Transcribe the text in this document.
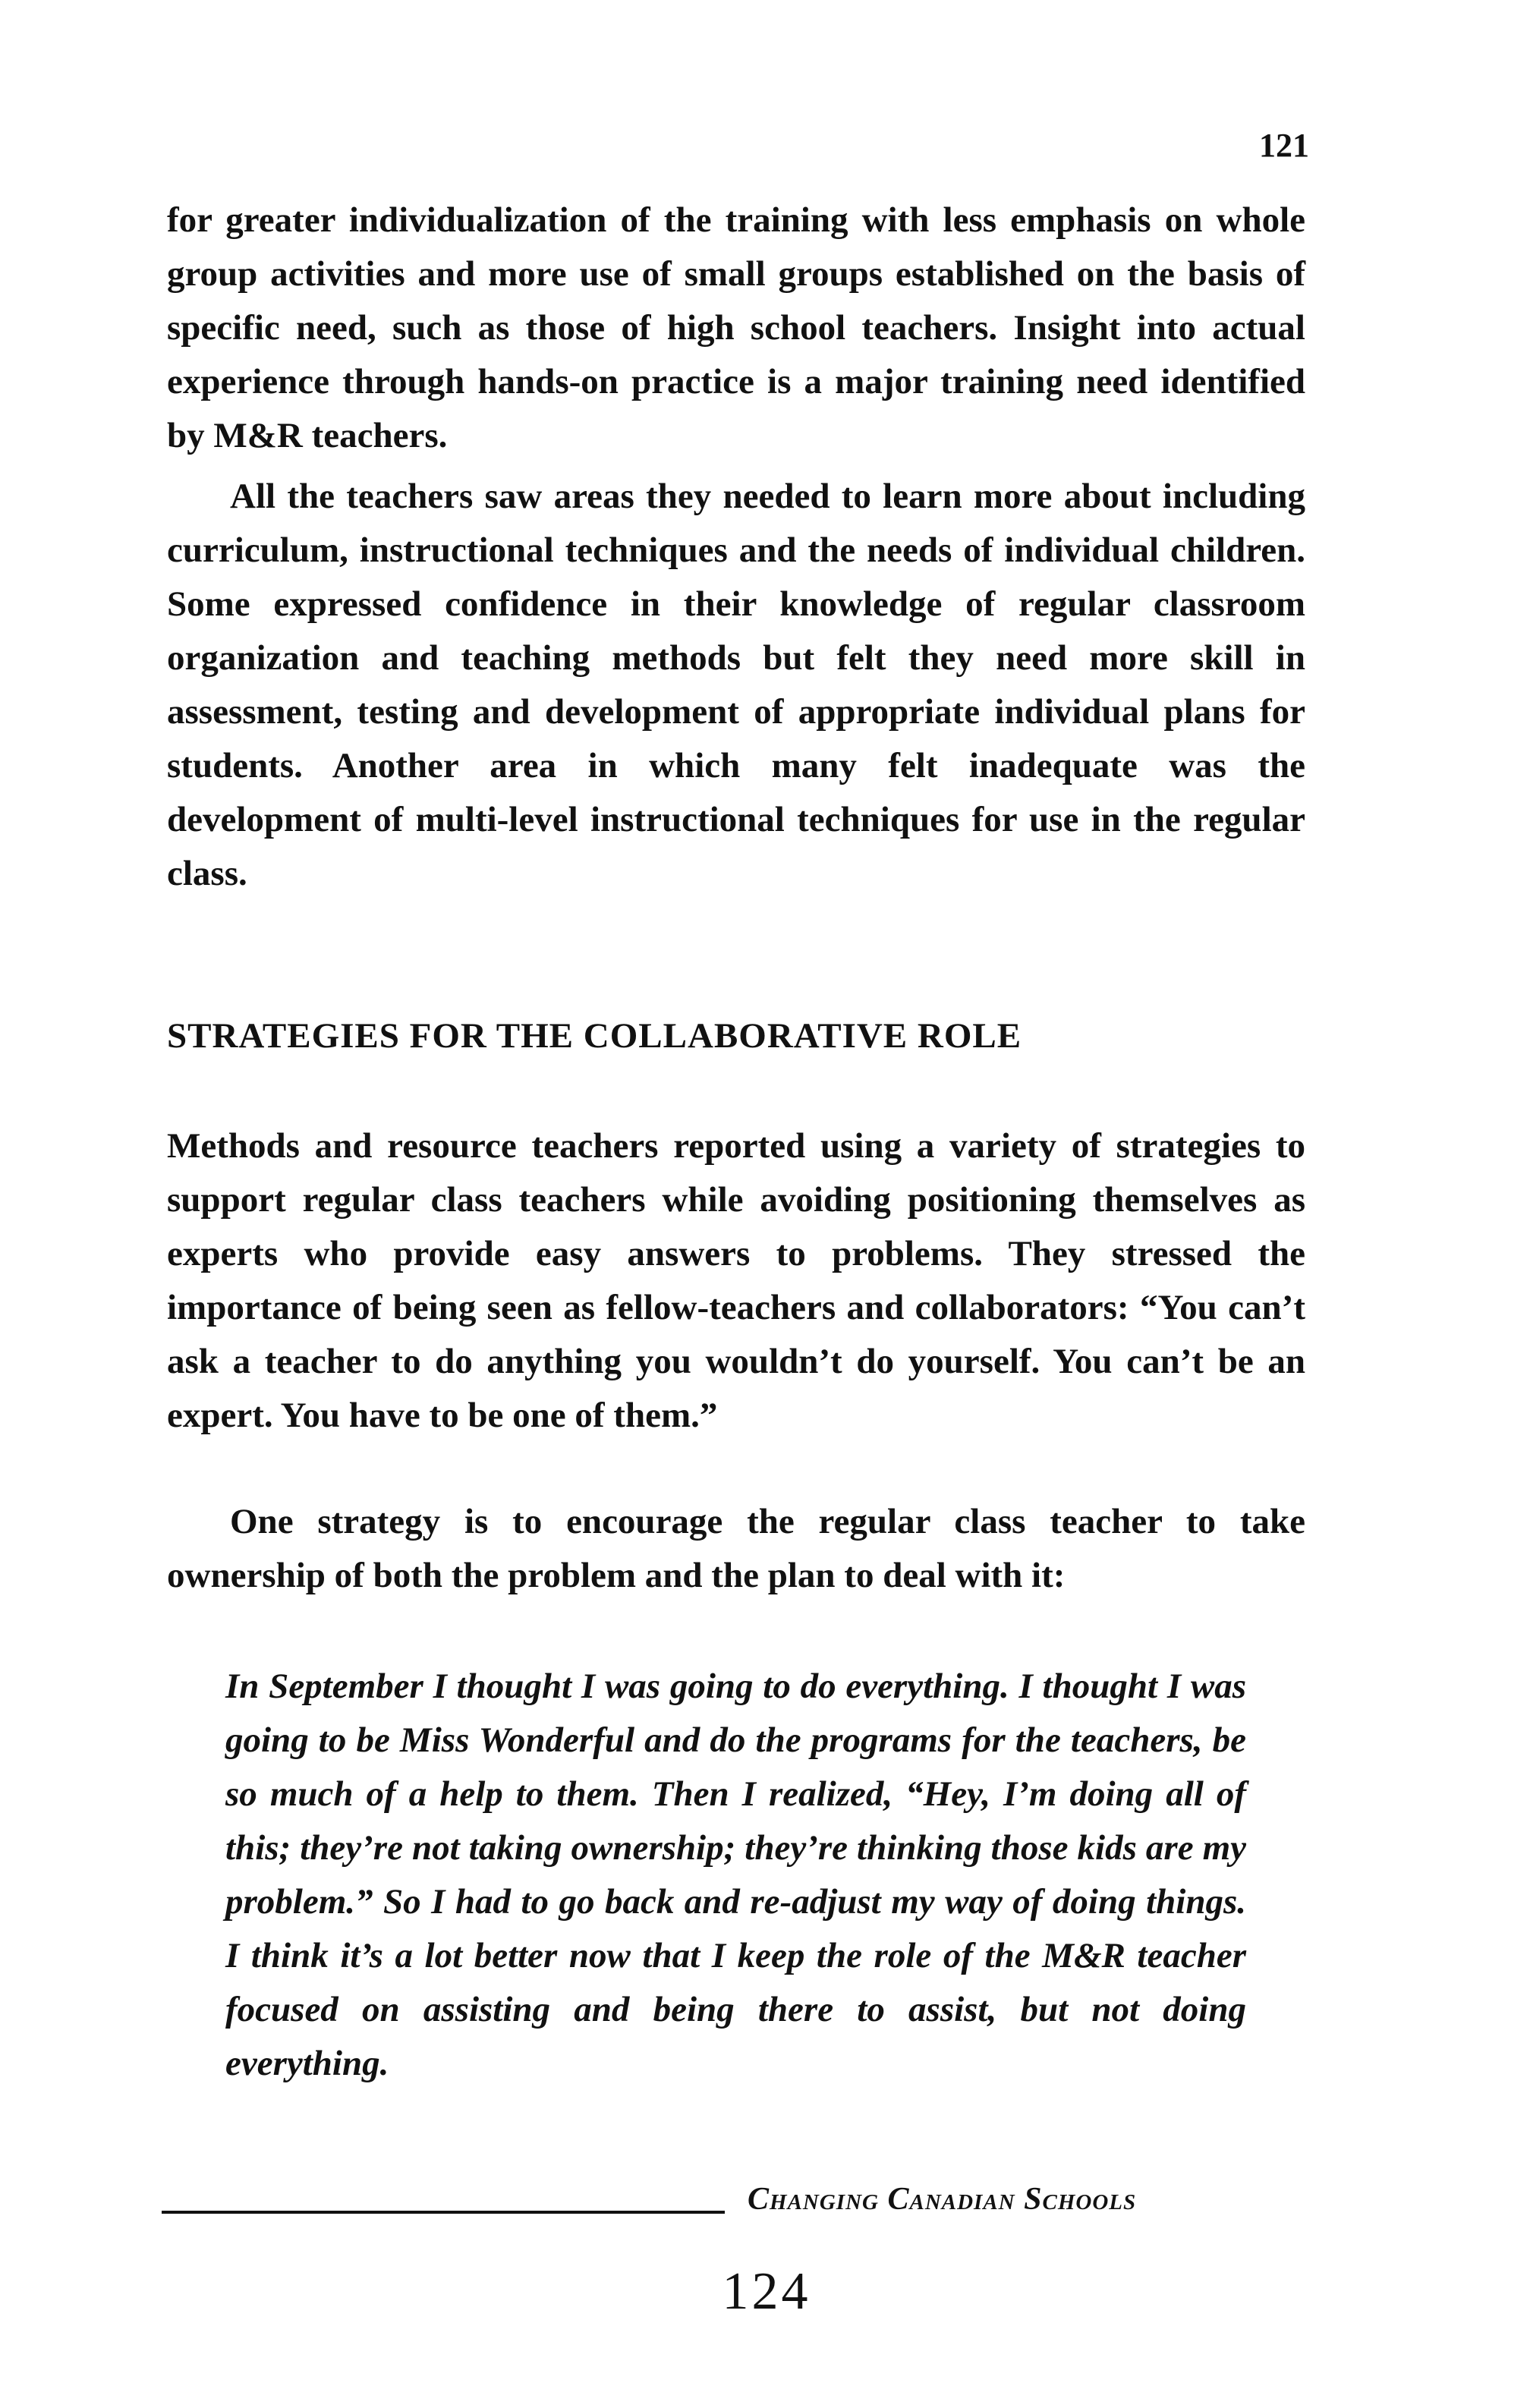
121

for greater individualization of the training with less emphasis on whole group activities and more use of small groups established on the basis of specific need, such as those of high school teachers. Insight into actual experience through hands-on practice is a major training need identified by M&R teachers.

All the teachers saw areas they needed to learn more about including curriculum, instructional techniques and the needs of individual children. Some expressed confidence in their knowledge of regular classroom organization and teaching methods but felt they need more skill in assessment, testing and development of appropriate individual plans for students. Another area in which many felt inadequate was the development of multi-level instructional techniques for use in the regular class.

STRATEGIES FOR THE COLLABORATIVE ROLE

Methods and resource teachers reported using a variety of strategies to support regular class teachers while avoiding positioning themselves as experts who provide easy answers to problems. They stressed the importance of being seen as fellow-teachers and collaborators: “You can’t ask a teacher to do anything you wouldn’t do yourself. You can’t be an expert. You have to be one of them.”

One strategy is to encourage the regular class teacher to take ownership of both the problem and the plan to deal with it:

In September I thought I was going to do everything. I thought I was going to be Miss Wonderful and do the programs for the teachers, be so much of a help to them. Then I realized, “Hey, I’m doing all of this; they’re not taking ownership; they’re thinking those kids are my problem.” So I had to go back and re-adjust my way of doing things. I think it’s a lot better now that I keep the role of the M&R teacher focused on assisting and being there to assist, but not doing everything.
Changing Canadian Schools
124
